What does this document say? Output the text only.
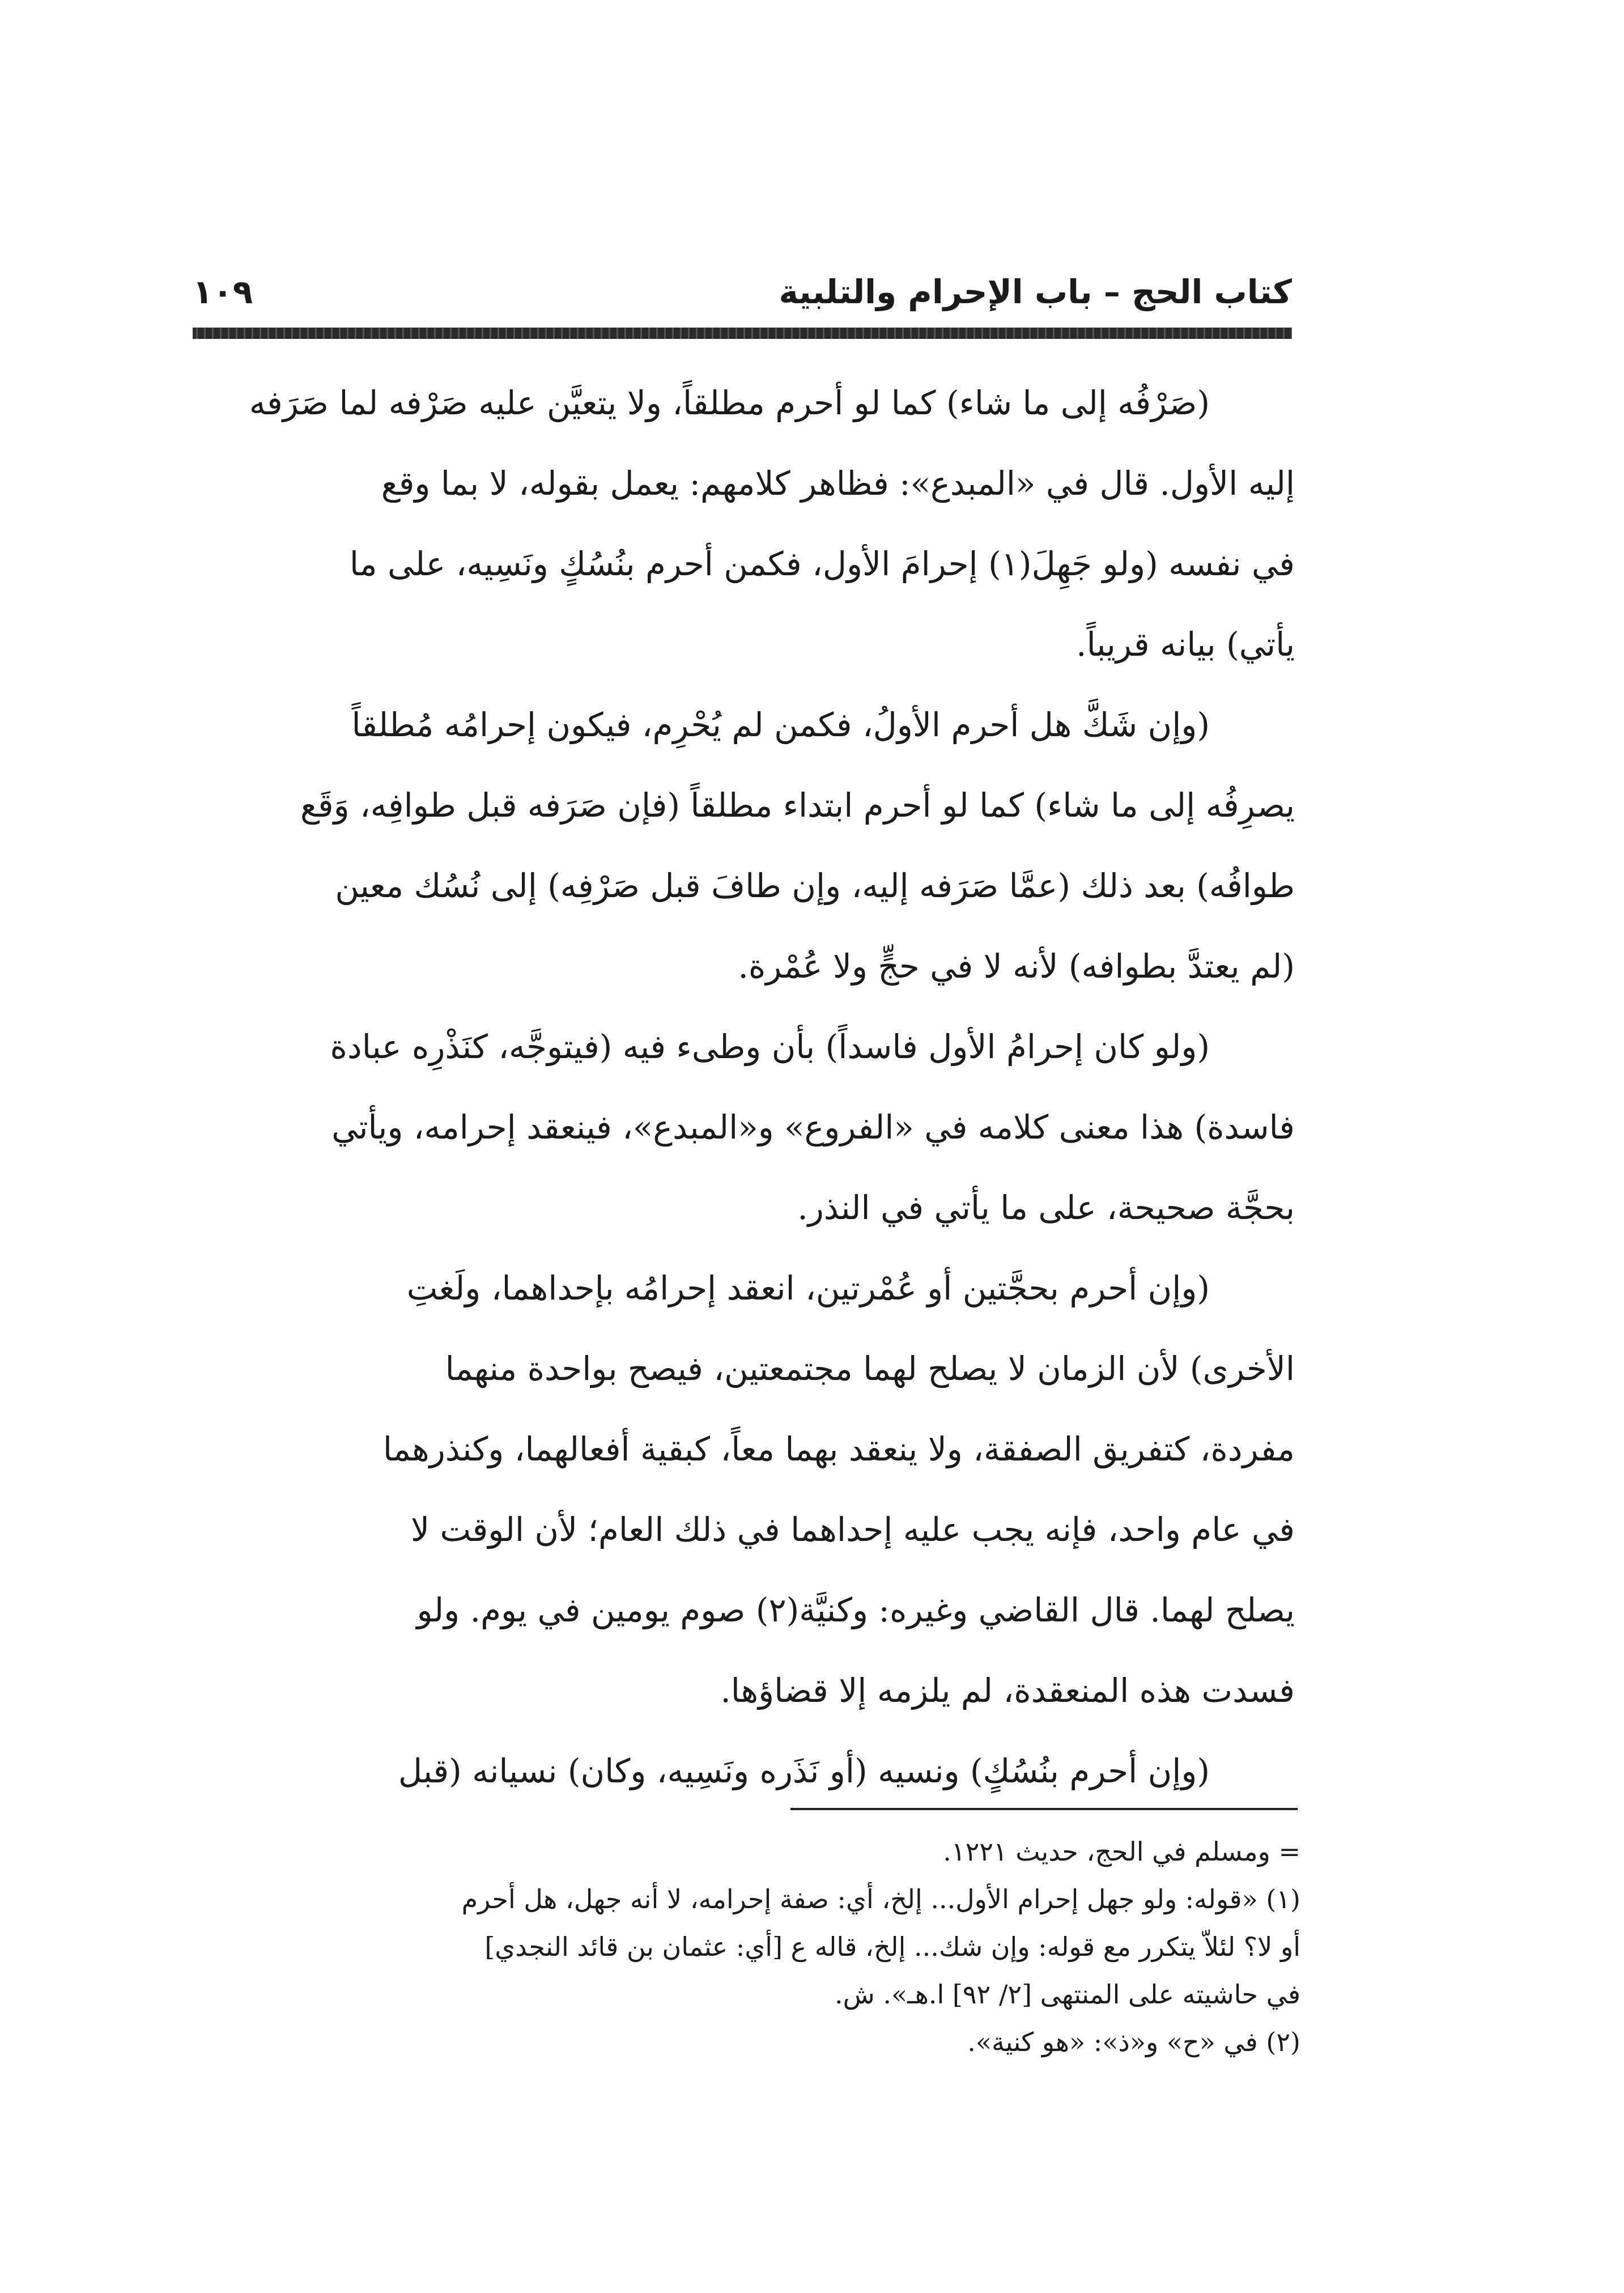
كتاب الحج – باب الإحرام والتلبية
١٠٩

(صَرْفُه إلى ما شاء) كما لو أحرم مطلقاً، ولا يتعيَّن عليه صَرْفه لما صَرَفه
إليه الأول. قال في «المبدع»: فظاهر كلامهم: يعمل بقوله، لا بما وقع
في نفسه (ولو جَهِلَ(١) إحرامَ الأول، فكمن أحرم بنُسُكٍ ونَسِيه، على ما
يأتي) بيانه قريباً.

(وإن شَكَّ هل أحرم الأولُ، فكمن لم يُحْرِم، فيكون إحرامُه مُطلقاً
يصرِفُه إلى ما شاء) كما لو أحرم ابتداء مطلقاً (فإن صَرَفه قبل طوافِه، وَقَع
طوافُه) بعد ذلك (عمَّا صَرَفه إليه، وإن طافَ قبل صَرْفِه) إلى نُسُك معين
(لم يعتدَّ بطوافه) لأنه لا في حجٍّ ولا عُمْرة.

(ولو كان إحرامُ الأول فاسداً) بأن وطىء فيه (فيتوجَّه، كنَذْرِه عبادة
فاسدة) هذا معنى كلامه في «الفروع» و«المبدع»، فينعقد إحرامه، ويأتي
بحجَّة صحيحة، على ما يأتي في النذر.

(وإن أحرم بحجَّتين أو عُمْرتين، انعقد إحرامُه بإحداهما، ولَغتِ
الأخرى) لأن الزمان لا يصلح لهما مجتمعتين، فيصح بواحدة منهما
مفردة، كتفريق الصفقة، ولا ينعقد بهما معاً، كبقية أفعالهما، وكنذرهما
في عام واحد، فإنه يجب عليه إحداهما في ذلك العام؛ لأن الوقت لا
يصلح لهما. قال القاضي وغيره: وكنيَّة(٢) صوم يومين في يوم. ولو
فسدت هذه المنعقدة، لم يلزمه إلا قضاؤها.

(وإن أحرم بنُسُكٍ) ونسيه (أو نَذَره ونَسِيه، وكان) نسيانه (قبل

= ومسلم في الحج، حديث ١٢٢١.

(١) «قوله: ولو جهل إحرام الأول... إلخ، أي: صفة إحرامه، لا أنه جهل، هل أحرم
أو لا؟ لئلاّ يتكرر مع قوله: وإن شك... إلخ، قاله ع [أي: عثمان بن قائد النجدي]
في حاشيته على المنتهى [٢/ ٩٢] ا.هـ». ش.

(٢) في «ح» و«ذ»: «هو كنية».
